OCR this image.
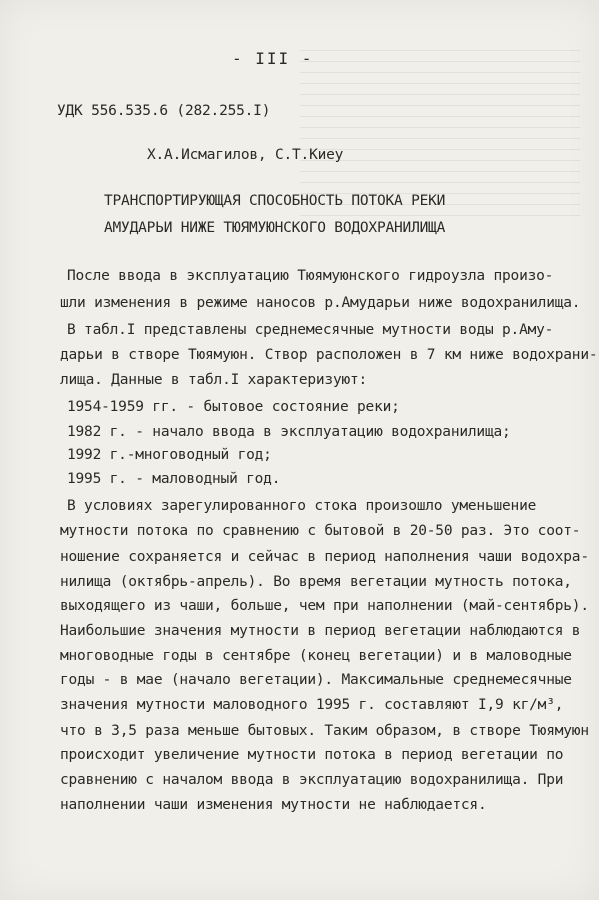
- III -
УДК 556.535.6 (282.255.I)
Х.А.Исмагилов, С.Т.Киеу
ТРАНСПОРТИРУЮЩАЯ СПОСОБНОСТЬ ПОТОКА РЕКИ
АМУДАРЬИ НИЖЕ ТЮЯМУЮНСКОГО ВОДОХРАНИЛИЩА
После ввода в эксплуатацию Тюямуюнского гидроузла произо-
шли изменения в режиме наносов р.Амударьи ниже водохранилища.
В табл.I представлены среднемесячные мутности воды р.Аму-
дарьи в створе Тюямуюн. Створ расположен в 7 км ниже водохрани-
лища. Данные в табл.I характеризуют:
1954-1959 гг. - бытовое состояние реки;
1982 г. - начало ввода в эксплуатацию водохранилища;
1992 г.-многоводный год;
1995 г. - маловодный год.
В условиях зарегулированного стока произошло уменьшение
мутности потока по сравнению с бытовой в 20-50 раз. Это соот-
ношение сохраняется и сейчас в период наполнения чаши водохра-
нилища (октябрь-апрель). Во время вегетации мутность потока,
выходящего из чаши, больше, чем при наполнении (май-сентябрь).
Наибольшие значения мутности в период вегетации наблюдаются в
многоводные годы в сентябре (конец вегетации) и в маловодные
годы - в мае (начало вегетации). Максимальные среднемесячные
значения мутности маловодного 1995 г. составляют I,9 кг/м³,
что в 3,5 раза меньше бытовых. Таким образом, в створе Тюямуюн
происходит увеличение мутности потока в период вегетации по
сравнению с началом ввода в эксплуатацию водохранилища. При
наполнении чаши изменения мутности не наблюдается.
